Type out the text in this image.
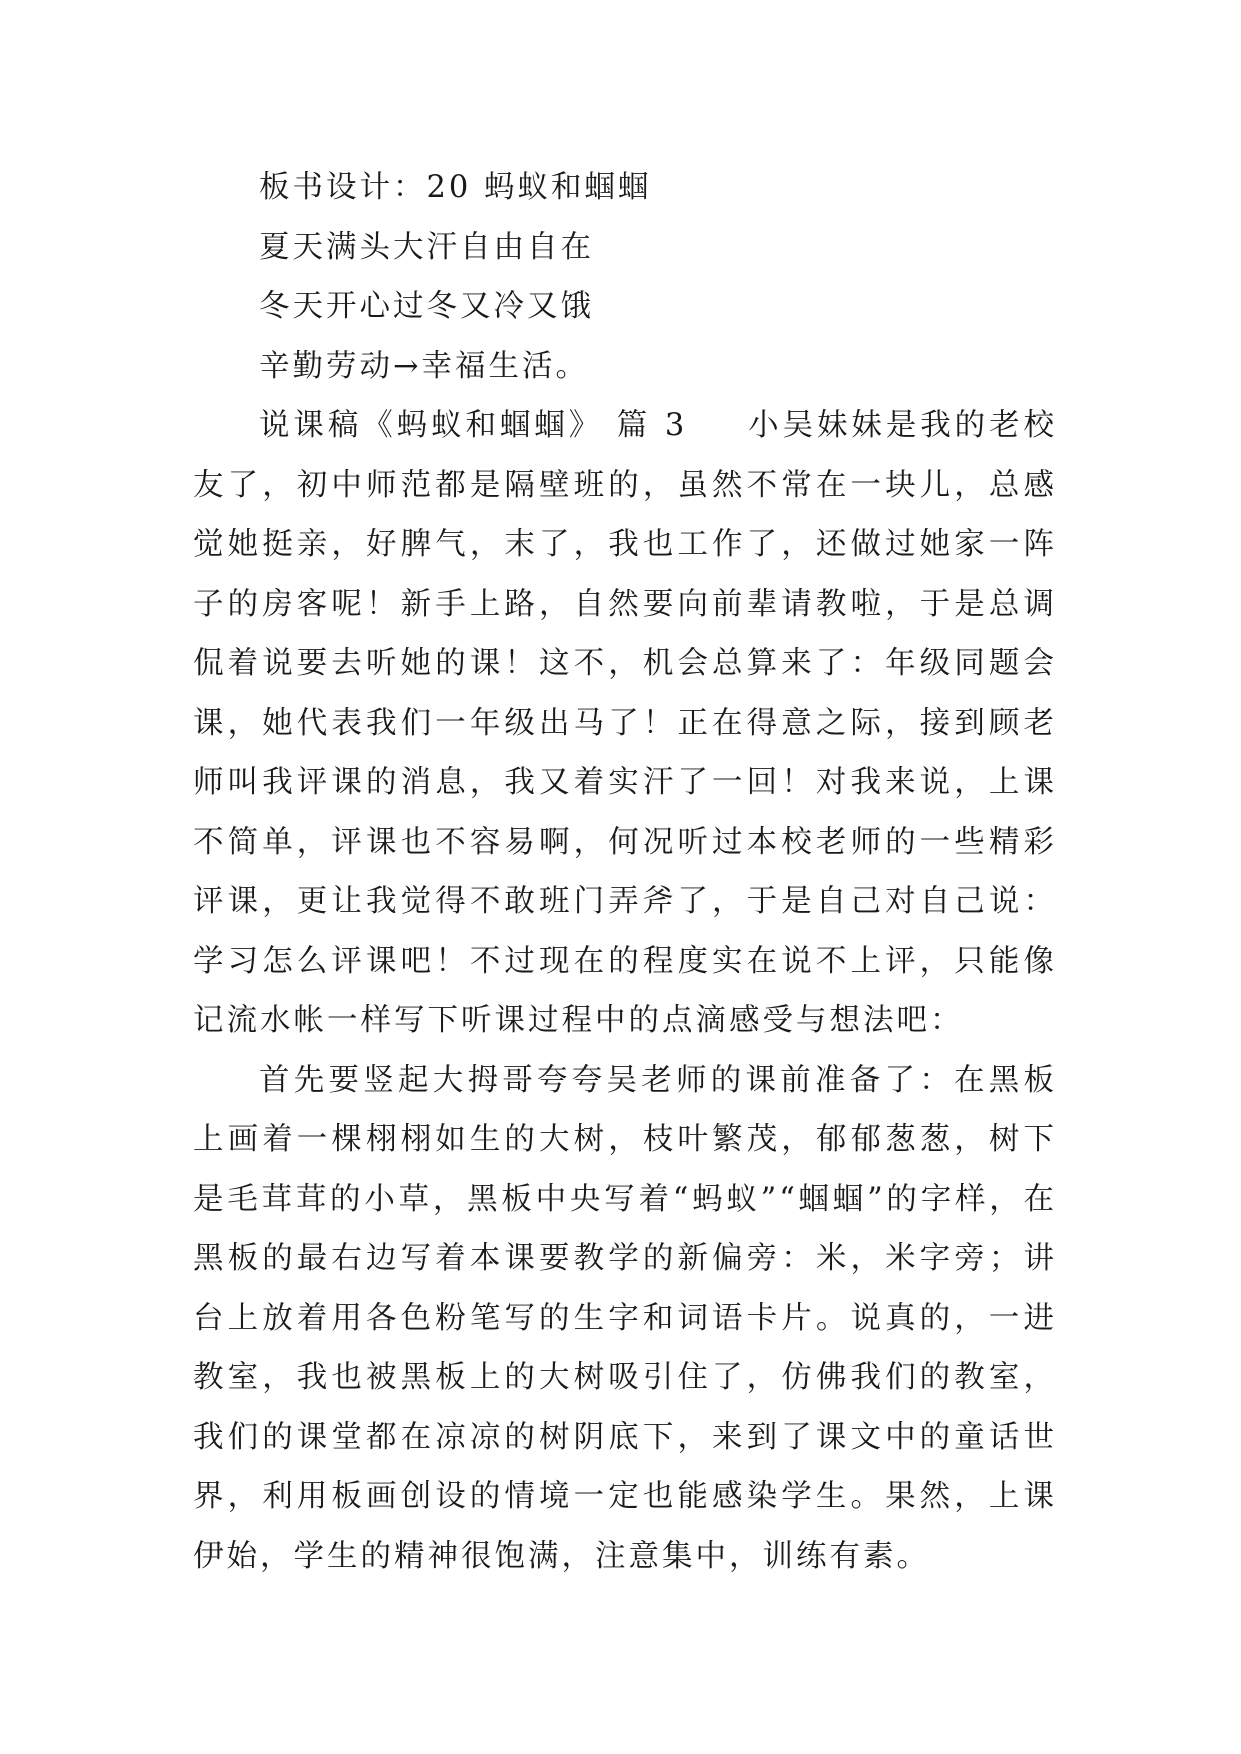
板书设计：20 蚂蚁和蝈蝈

夏天满头大汗自由自在

冬天开心过冬又冷又饿

辛勤劳动→幸福生活。

说课稿《蚂蚁和蝈蝈》 篇 3 小吴妹妹是我的老校友了，初中师范都是隔壁班的，虽然不常在一块儿，总感觉她挺亲，好脾气，末了，我也工作了，还做过她家一阵子的房客呢！新手上路，自然要向前辈请教啦，于是总调侃着说要去听她的课！这不，机会总算来了：年级同题会课，她代表我们一年级出马了！正在得意之际，接到顾老师叫我评课的消息，我又着实汗了一回！对我来说，上课不简单，评课也不容易啊，何况听过本校老师的一些精彩评课，更让我觉得不敢班门弄斧了，于是自己对自己说：学习怎么评课吧！不过现在的程度实在说不上评，只能像记流水帐一样写下听课过程中的点滴感受与想法吧：

首先要竖起大拇哥夸夸吴老师的课前准备了：在黑板上画着一棵栩栩如生的大树，枝叶繁茂，郁郁葱葱，树下是毛茸茸的小草，黑板中央写着“蚂蚁”“蝈蝈”的字样，在黑板的最右边写着本课要教学的新偏旁：米，米字旁；讲台上放着用各色粉笔写的生字和词语卡片。说真的，一进教室，我也被黑板上的大树吸引住了，仿佛我们的教室，我们的课堂都在凉凉的树阴底下，来到了课文中的童话世界，利用板画创设的情境一定也能感染学生。果然，上课伊始，学生的精神很饱满，注意集中，训练有素。
